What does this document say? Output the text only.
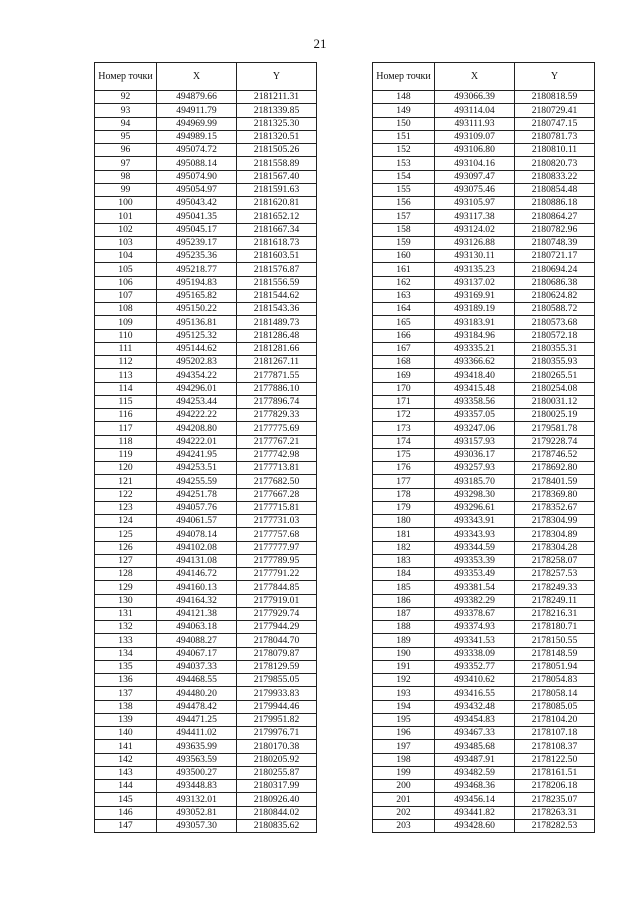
21
Номер точки	X	Y
92	494879.66	2181211.31
93	494911.79	2181339.85
94	494969.99	2181325.30
95	494989.15	2181320.51
96	495074.72	2181505.26
97	495088.14	2181558.89
98	495074.90	2181567.40
99	495054.97	2181591.63
100	495043.42	2181620.81
101	495041.35	2181652.12
102	495045.17	2181667.34
103	495239.17	2181618.73
104	495235.36	2181603.51
105	495218.77	2181576.87
106	495194.83	2181556.59
107	495165.82	2181544.62
108	495150.22	2181543.36
109	495136.81	2181489.73
110	495125.32	2181286.48
111	495144.62	2181281.66
112	495202.83	2181267.11
113	494354.22	2177871.55
114	494296.01	2177886.10
115	494253.44	2177896.74
116	494222.22	2177829.33
117	494208.80	2177775.69
118	494222.01	2177767.21
119	494241.95	2177742.98
120	494253.51	2177713.81
121	494255.59	2177682.50
122	494251.78	2177667.28
123	494057.76	2177715.81
124	494061.57	2177731.03
125	494078.14	2177757.68
126	494102.08	2177777.97
127	494131.08	2177789.95
128	494146.72	2177791.22
129	494160.13	2177844.85
130	494164.32	2177919.01
131	494121.38	2177929.74
132	494063.18	2177944.29
133	494088.27	2178044.70
134	494067.17	2178079.87
135	494037.33	2178129.59
136	494468.55	2179855.05
137	494480.20	2179933.83
138	494478.42	2179944.46
139	494471.25	2179951.82
140	494411.02	2179976.71
141	493635.99	2180170.38
142	493563.59	2180205.92
143	493500.27	2180255.87
144	493448.83	2180317.99
145	493132.01	2180926.40
146	493052.81	2180844.02
147	493057.30	2180835.62
Номер точки	X	Y
148	493066.39	2180818.59
149	493114.04	2180729.41
150	493111.93	2180747.15
151	493109.07	2180781.73
152	493106.80	2180810.11
153	493104.16	2180820.73
154	493097.47	2180833.22
155	493075.46	2180854.48
156	493105.97	2180886.18
157	493117.38	2180864.27
158	493124.02	2180782.96
159	493126.88	2180748.39
160	493130.11	2180721.17
161	493135.23	2180694.24
162	493137.02	2180686.38
163	493169.91	2180624.82
164	493189.19	2180588.72
165	493183.91	2180573.68
166	493184.96	2180572.18
167	493335.21	2180355.31
168	493366.62	2180355.93
169	493418.40	2180265.51
170	493415.48	2180254.08
171	493358.56	2180031.12
172	493357.05	2180025.19
173	493247.06	2179581.78
174	493157.93	2179228.74
175	493036.17	2178746.52
176	493257.93	2178692.80
177	493185.70	2178401.59
178	493298.30	2178369.80
179	493296.61	2178352.67
180	493343.91	2178304.99
181	493343.93	2178304.89
182	493344.59	2178304.28
183	493353.39	2178258.07
184	493353.49	2178257.53
185	493381.54	2178249.33
186	493382.29	2178249.11
187	493378.67	2178216.31
188	493374.93	2178180.71
189	493341.53	2178150.55
190	493338.09	2178148.59
191	493352.77	2178051.94
192	493410.62	2178054.83
193	493416.55	2178058.14
194	493432.48	2178085.05
195	493454.83	2178104.20
196	493467.33	2178107.18
197	493485.68	2178108.37
198	493487.91	2178122.50
199	493482.59	2178161.51
200	493468.36	2178206.18
201	493456.14	2178235.07
202	493441.82	2178263.31
203	493428.60	2178282.53
